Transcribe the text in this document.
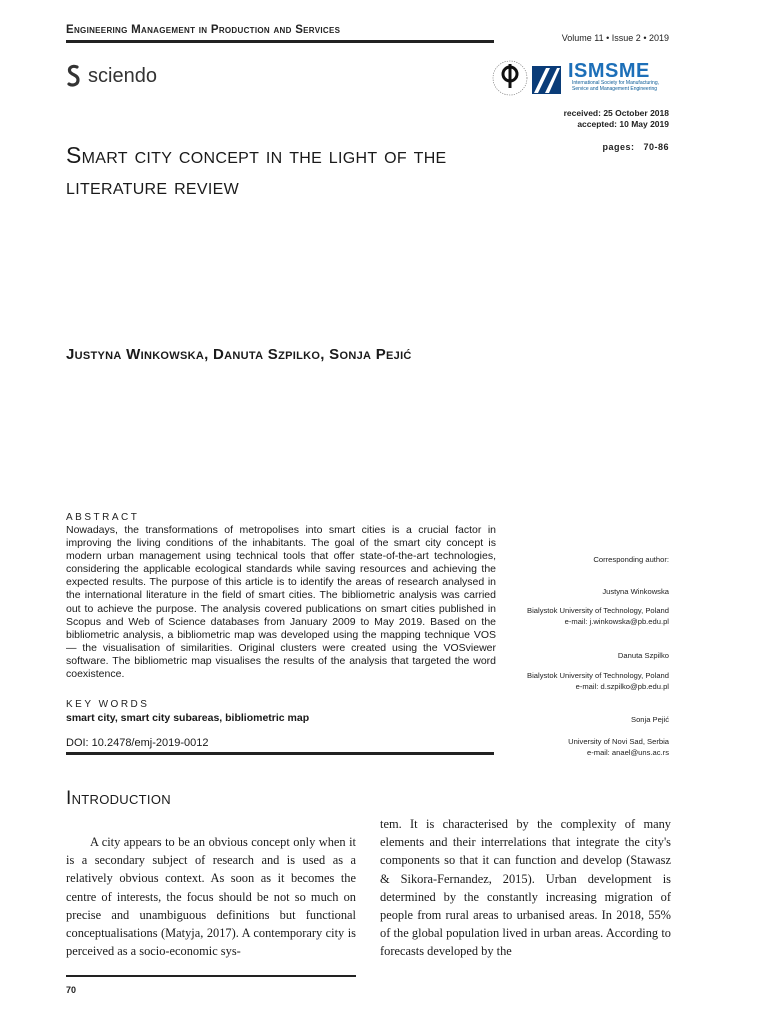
Engineering Management in Production and Services
Volume 11 • Issue 2 • 2019
sciendo	ISMSME
International Society for Manufacturing, Service and Management Engineering
received: 25 October 2018
accepted: 10 May 2019
pages:   70-86
Smart city concept in the light of the literature review
Justyna Winkowska, Danuta Szpilko, Sonja Pejić
ABSTRACT
Nowadays, the transformations of metropolises into smart cities is a crucial factor in improving the living conditions of the inhabitants. The goal of the smart city concept is modern urban management using technical tools that offer state-of-the-art technologies, considering the applicable ecological standards while saving resources and achieving the expected results. The purpose of this article is to identify the areas of research analysed in the international literature in the field of smart cities. The bibliometric analysis was carried out to achieve the purpose. The analysis covered publications on smart cities published in Scopus and Web of Science databases from January 2009 to May 2019. Based on the bibliometric analysis, a bibliometric map was developed using the mapping technique VOS — the visualisation of similarities. Original clusters were created using the VOSviewer software. The bibliometric map visualises the results of the analysis that targeted the word coexistence.
KEY WORDS
smart city, smart city subareas, bibliometric map
DOI: 10.2478/emj-2019-0012
Corresponding author:
Justyna Winkowska
Bialystok University of Technology, Poland
e-mail: j.winkowska@pb.edu.pl
Danuta Szpilko
Bialystok University of Technology, Poland
e-mail: d.szpilko@pb.edu.pl
Sonja Pejić
University of Novi Sad, Serbia
e-mail: anael@uns.ac.rs
Introduction
A city appears to be an obvious concept only when it is a secondary subject of research and is used as a relatively obvious context. As soon as it becomes the centre of interests, the focus should be not so much on precise and unambiguous definitions but functional conceptualisations (Matyja, 2017). A contemporary city is perceived as a socio-economic sys-
tem. It is characterised by the complexity of many elements and their interrelations that integrate the city's components so that it can function and develop (Stawasz & Sikora-Fernandez, 2015). Urban development is determined by the constantly increasing migration of people from rural areas to urbanised areas. In 2018, 55% of the global population lived in urban areas. According to forecasts developed by the
70
